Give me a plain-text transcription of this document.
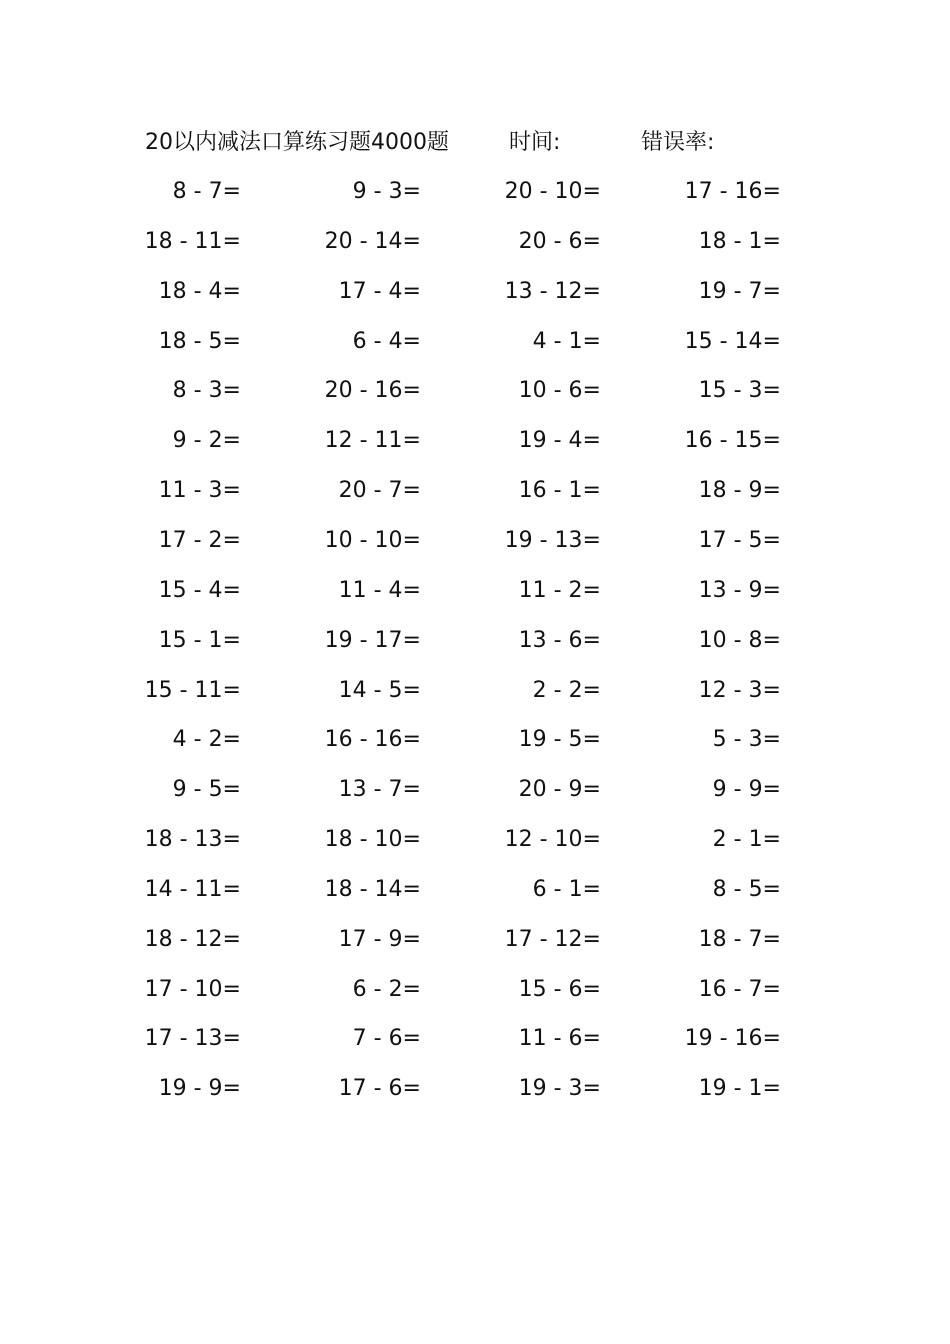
20以内减法口算练习题4000题	时间:	错误率:
8 - 7=
18 - 11=
18 - 4=
18 - 5=
8 - 3=
9 - 2=
11 - 3=
17 - 2=
15 - 4=
15 - 1=
15 - 11=
4 - 2=
9 - 5=
18 - 13=
14 - 11=
18 - 12=
17 - 10=
17 - 13=
19 - 9=
9 - 3=
20 - 14=
17 - 4=
6 - 4=
20 - 16=
12 - 11=
20 - 7=
10 - 10=
11 - 4=
19 - 17=
14 - 5=
16 - 16=
13 - 7=
18 - 10=
18 - 14=
17 - 9=
6 - 2=
7 - 6=
17 - 6=
20 - 10=
20 - 6=
13 - 12=
4 - 1=
10 - 6=
19 - 4=
16 - 1=
19 - 13=
11 - 2=
13 - 6=
2 - 2=
19 - 5=
20 - 9=
12 - 10=
6 - 1=
17 - 12=
15 - 6=
11 - 6=
19 - 3=
17 - 16=
18 - 1=
19 - 7=
15 - 14=
15 - 3=
16 - 15=
18 - 9=
17 - 5=
13 - 9=
10 - 8=
12 - 3=
5 - 3=
9 - 9=
2 - 1=
8 - 5=
18 - 7=
16 - 7=
19 - 16=
19 - 1=
